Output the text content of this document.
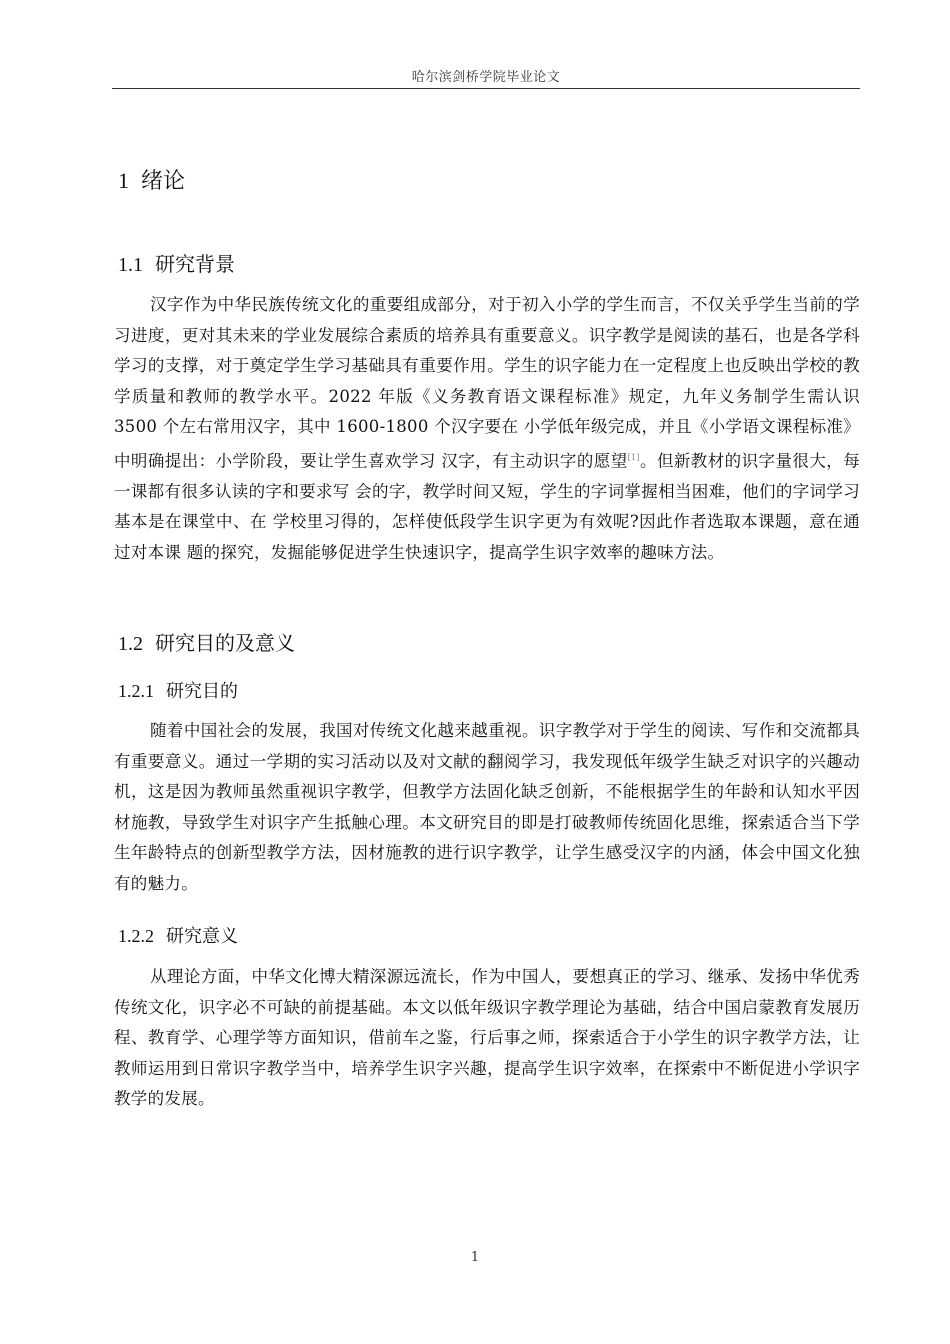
哈尔滨剑桥学院毕业论文
1 绪论
1.1 研究背景

汉字作为中华民族传统文化的重要组成部分，对于初入小学的学生而言，不仅关乎学生当前的学习进度，更对其未来的学业发展综合素质的培养具有重要意义。识字教学是阅读的基石，也是各学科学习的支撑，对于奠定学生学习基础具有重要作用。学生的识字能力在一定程度上也反映出学校的教学质量和教师的教学水平。2022 年版《义务教育语文课程标准》规定，九年义务制学生需认识 3500 个左右常用汉字，其中 1600-1800 个汉字要在 小学低年级完成，并且《小学语文课程标准》中明确提出：小学阶段，要让学生喜欢学习 汉字，有主动识字的愿望[1]。但新教材的识字量很大，每一课都有很多认读的字和要求写 会的字，教学时间又短，学生的字词掌握相当困难，他们的字词学习基本是在课堂中、在 学校里习得的，怎样使低段学生识字更为有效呢?因此作者选取本课题，意在通过对本课 题的探究，发掘能够促进学生快速识字，提高学生识字效率的趣味方法。

1.2 研究目的及意义
1.2.1 研究目的

随着中国社会的发展，我国对传统文化越来越重视。识字教学对于学生的阅读、写作和交流都具有重要意义。通过一学期的实习活动以及对文献的翻阅学习，我发现低年级学生缺乏对识字的兴趣动机，这是因为教师虽然重视识字教学，但教学方法固化缺乏创新，不能根据学生的年龄和认知水平因材施教，导致学生对识字产生抵触心理。本文研究目的即是打破教师传统固化思维，探索适合当下学生年龄特点的创新型教学方法，因材施教的进行识字教学，让学生感受汉字的内涵，体会中国文化独有的魅力。

1.2.2 研究意义

从理论方面，中华文化博大精深源远流长，作为中国人，要想真正的学习、继承、发扬中华优秀传统文化，识字必不可缺的前提基础。本文以低年级识字教学理论为基础，结合中国启蒙教育发展历程、教育学、心理学等方面知识，借前车之鉴，行后事之师，探索适合于小学生的识字教学方法，让教师运用到日常识字教学当中，培养学生识字兴趣，提高学生识字效率，在探索中不断促进小学识字教学的发展。

1
